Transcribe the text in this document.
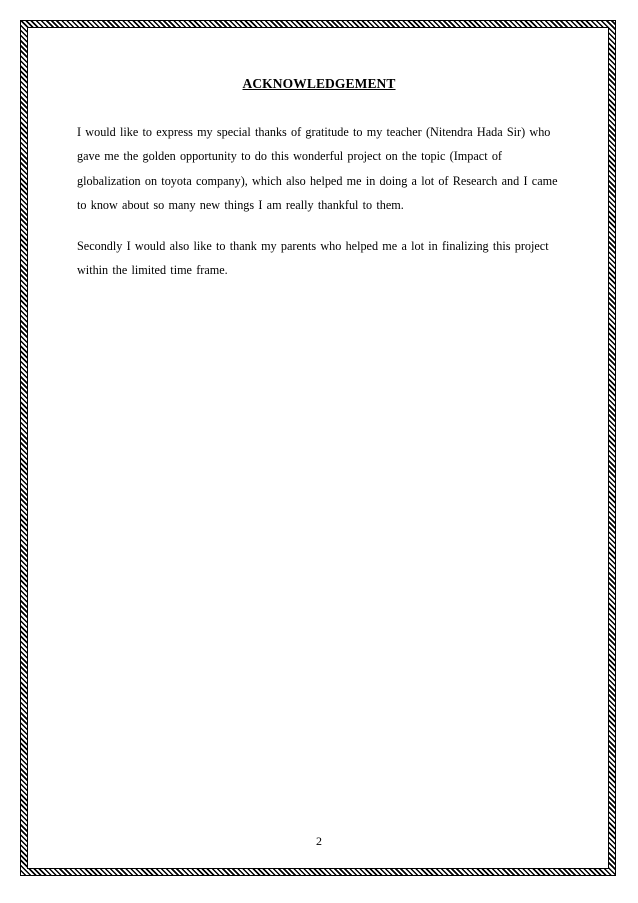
ACKNOWLEDGEMENT

I would like to express my special thanks of gratitude to my teacher (Nitendra Hada Sir) who gave me the golden opportunity to do this wonderful project on the topic (Impact of globalization on toyota company), which also helped me in doing a lot of Research and I came to know about so many new things I am really thankful to them.

Secondly I would also like to thank my parents who helped me a lot in finalizing this project within the limited time frame.

2
